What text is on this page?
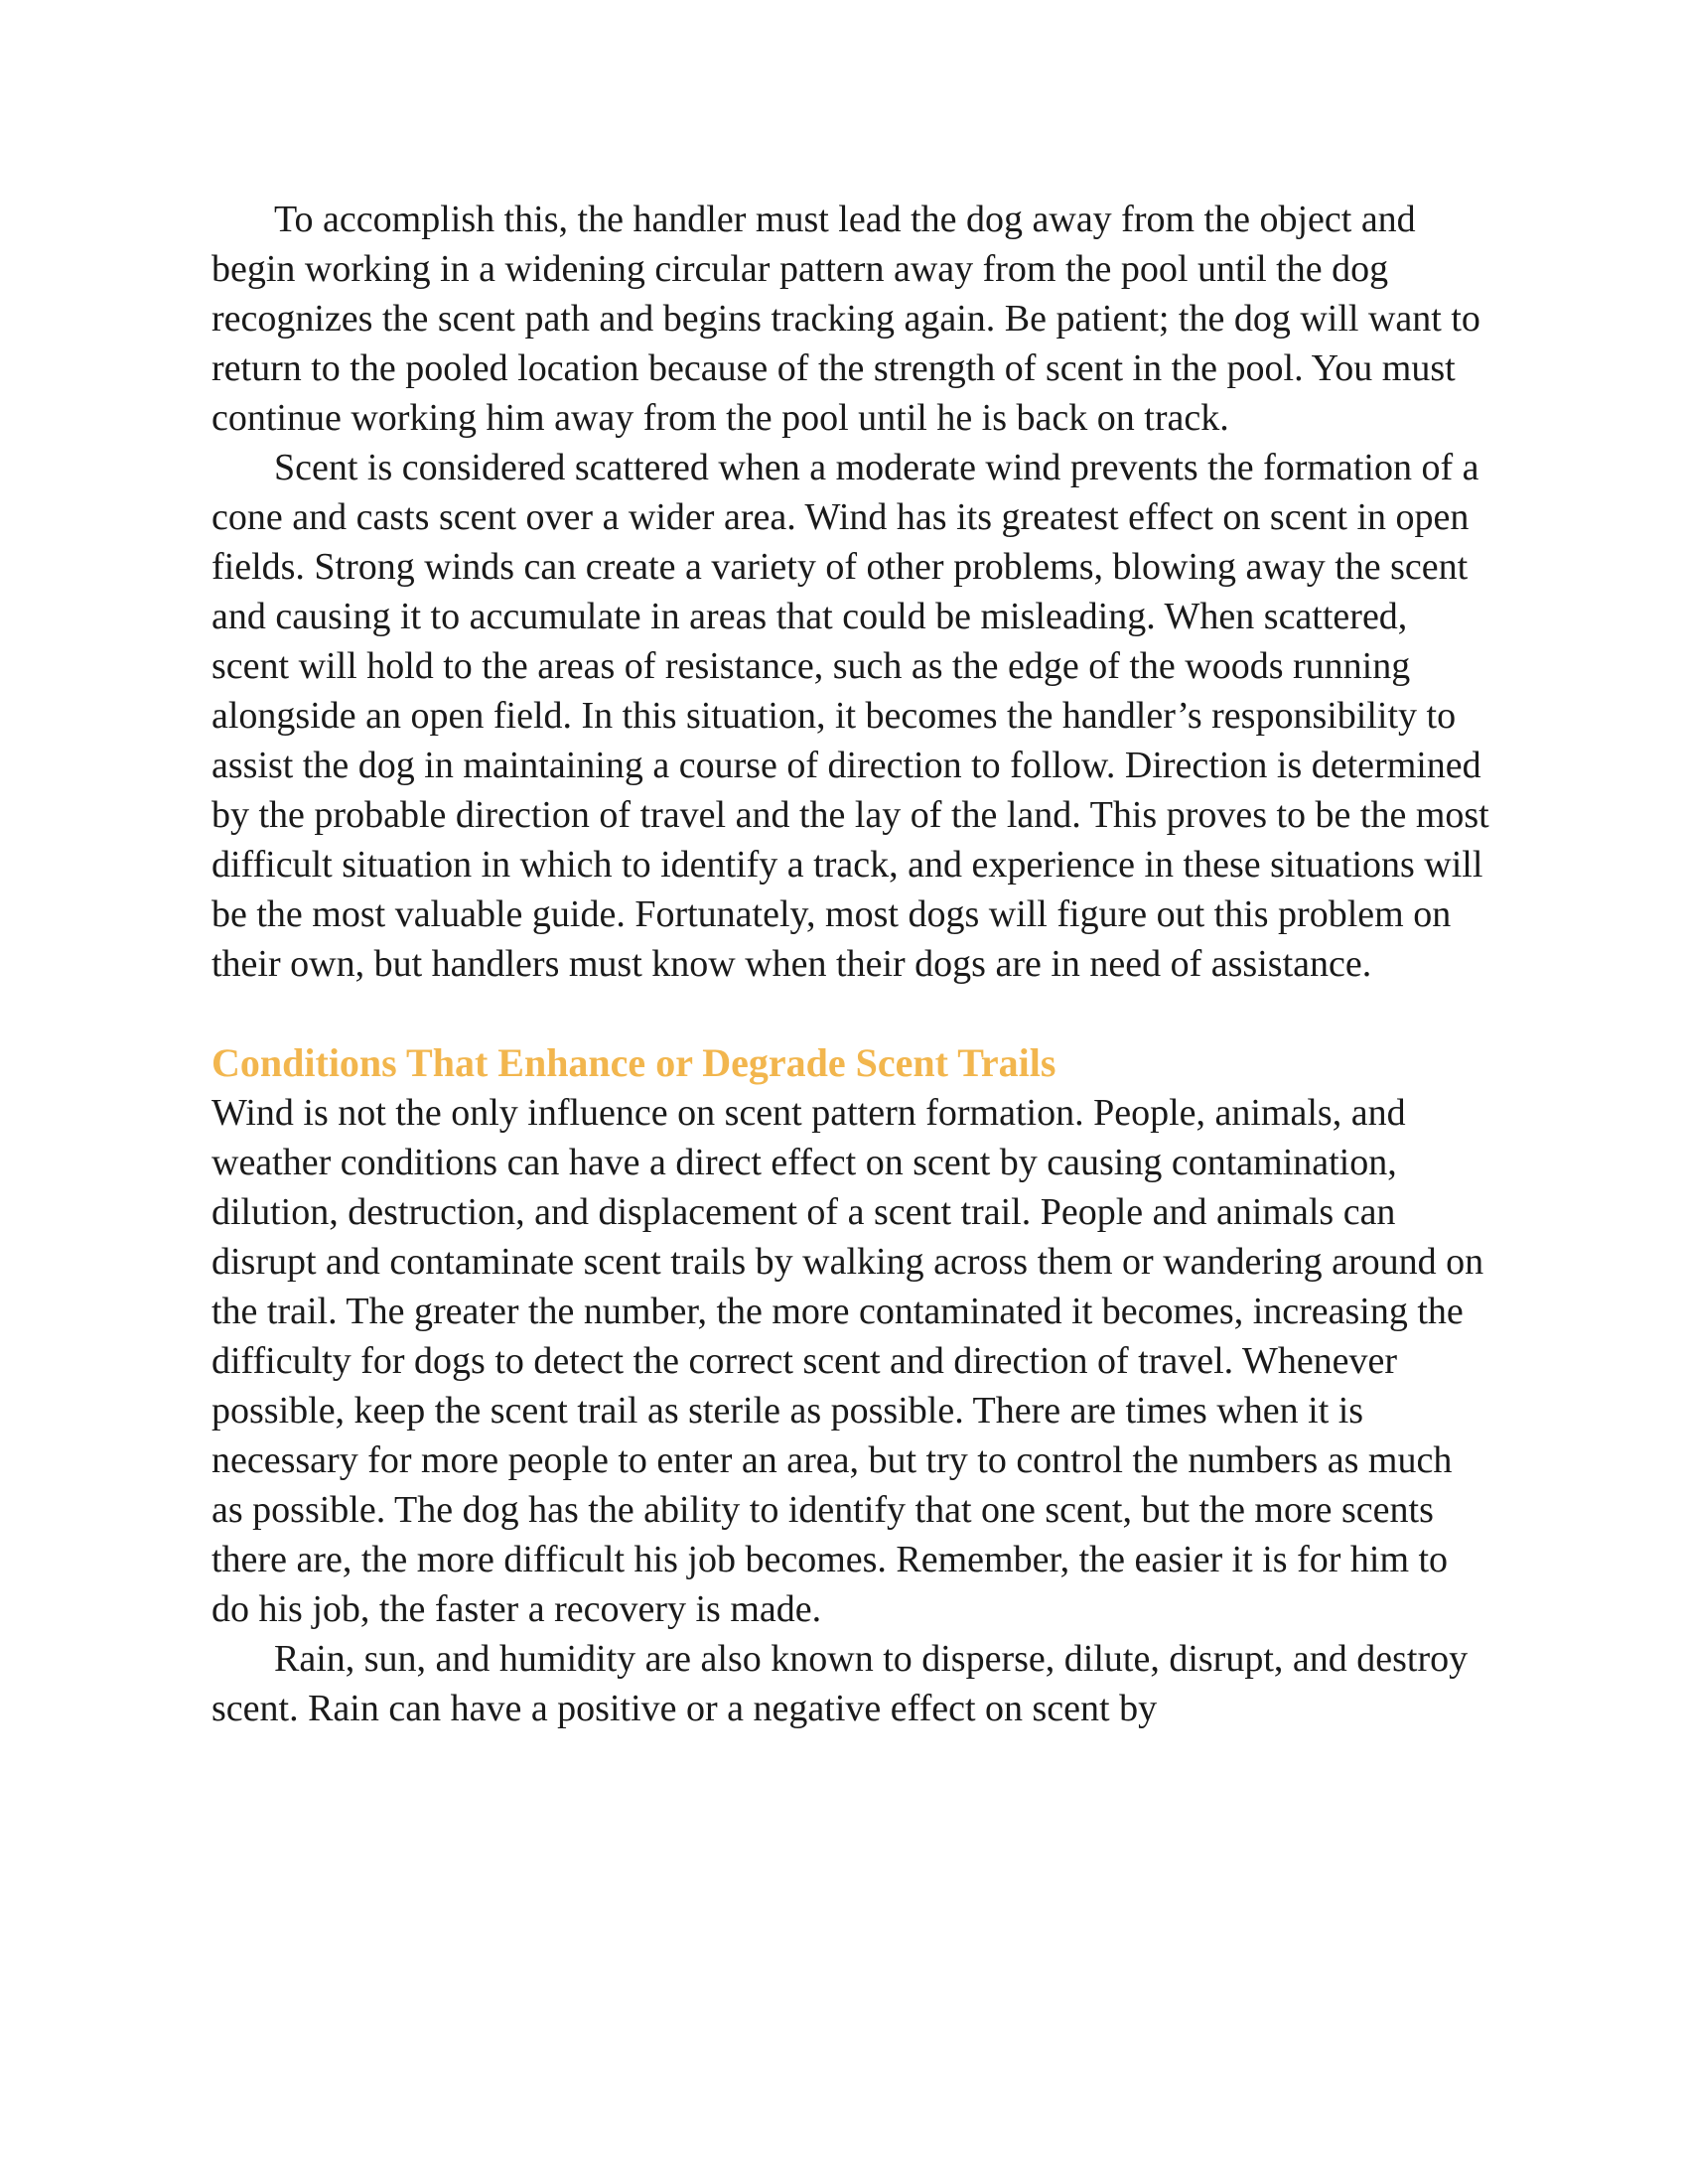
To accomplish this, the handler must lead the dog away from the object and begin working in a widening circular pattern away from the pool until the dog recognizes the scent path and begins tracking again. Be patient; the dog will want to return to the pooled location because of the strength of scent in the pool. You must continue working him away from the pool until he is back on track.

Scent is considered scattered when a moderate wind prevents the formation of a cone and casts scent over a wider area. Wind has its greatest effect on scent in open fields. Strong winds can create a variety of other problems, blowing away the scent and causing it to accumulate in areas that could be misleading. When scattered, scent will hold to the areas of resistance, such as the edge of the woods running alongside an open field. In this situation, it becomes the handler’s responsibility to assist the dog in maintaining a course of direction to follow. Direction is determined by the probable direction of travel and the lay of the land. This proves to be the most difficult situation in which to identify a track, and experience in these situations will be the most valuable guide. Fortunately, most dogs will figure out this problem on their own, but handlers must know when their dogs are in need of assistance.

Conditions That Enhance or Degrade Scent Trails

Wind is not the only influence on scent pattern formation. People, animals, and weather conditions can have a direct effect on scent by causing contamination, dilution, destruction, and displacement of a scent trail. People and animals can disrupt and contaminate scent trails by walking across them or wandering around on the trail. The greater the number, the more contaminated it becomes, increasing the difficulty for dogs to detect the correct scent and direction of travel. Whenever possible, keep the scent trail as sterile as possible. There are times when it is necessary for more people to enter an area, but try to control the numbers as much as possible. The dog has the ability to identify that one scent, but the more scents there are, the more difficult his job becomes. Remember, the easier it is for him to do his job, the faster a recovery is made.

Rain, sun, and humidity are also known to disperse, dilute, disrupt, and destroy scent. Rain can have a positive or a negative effect on scent by
